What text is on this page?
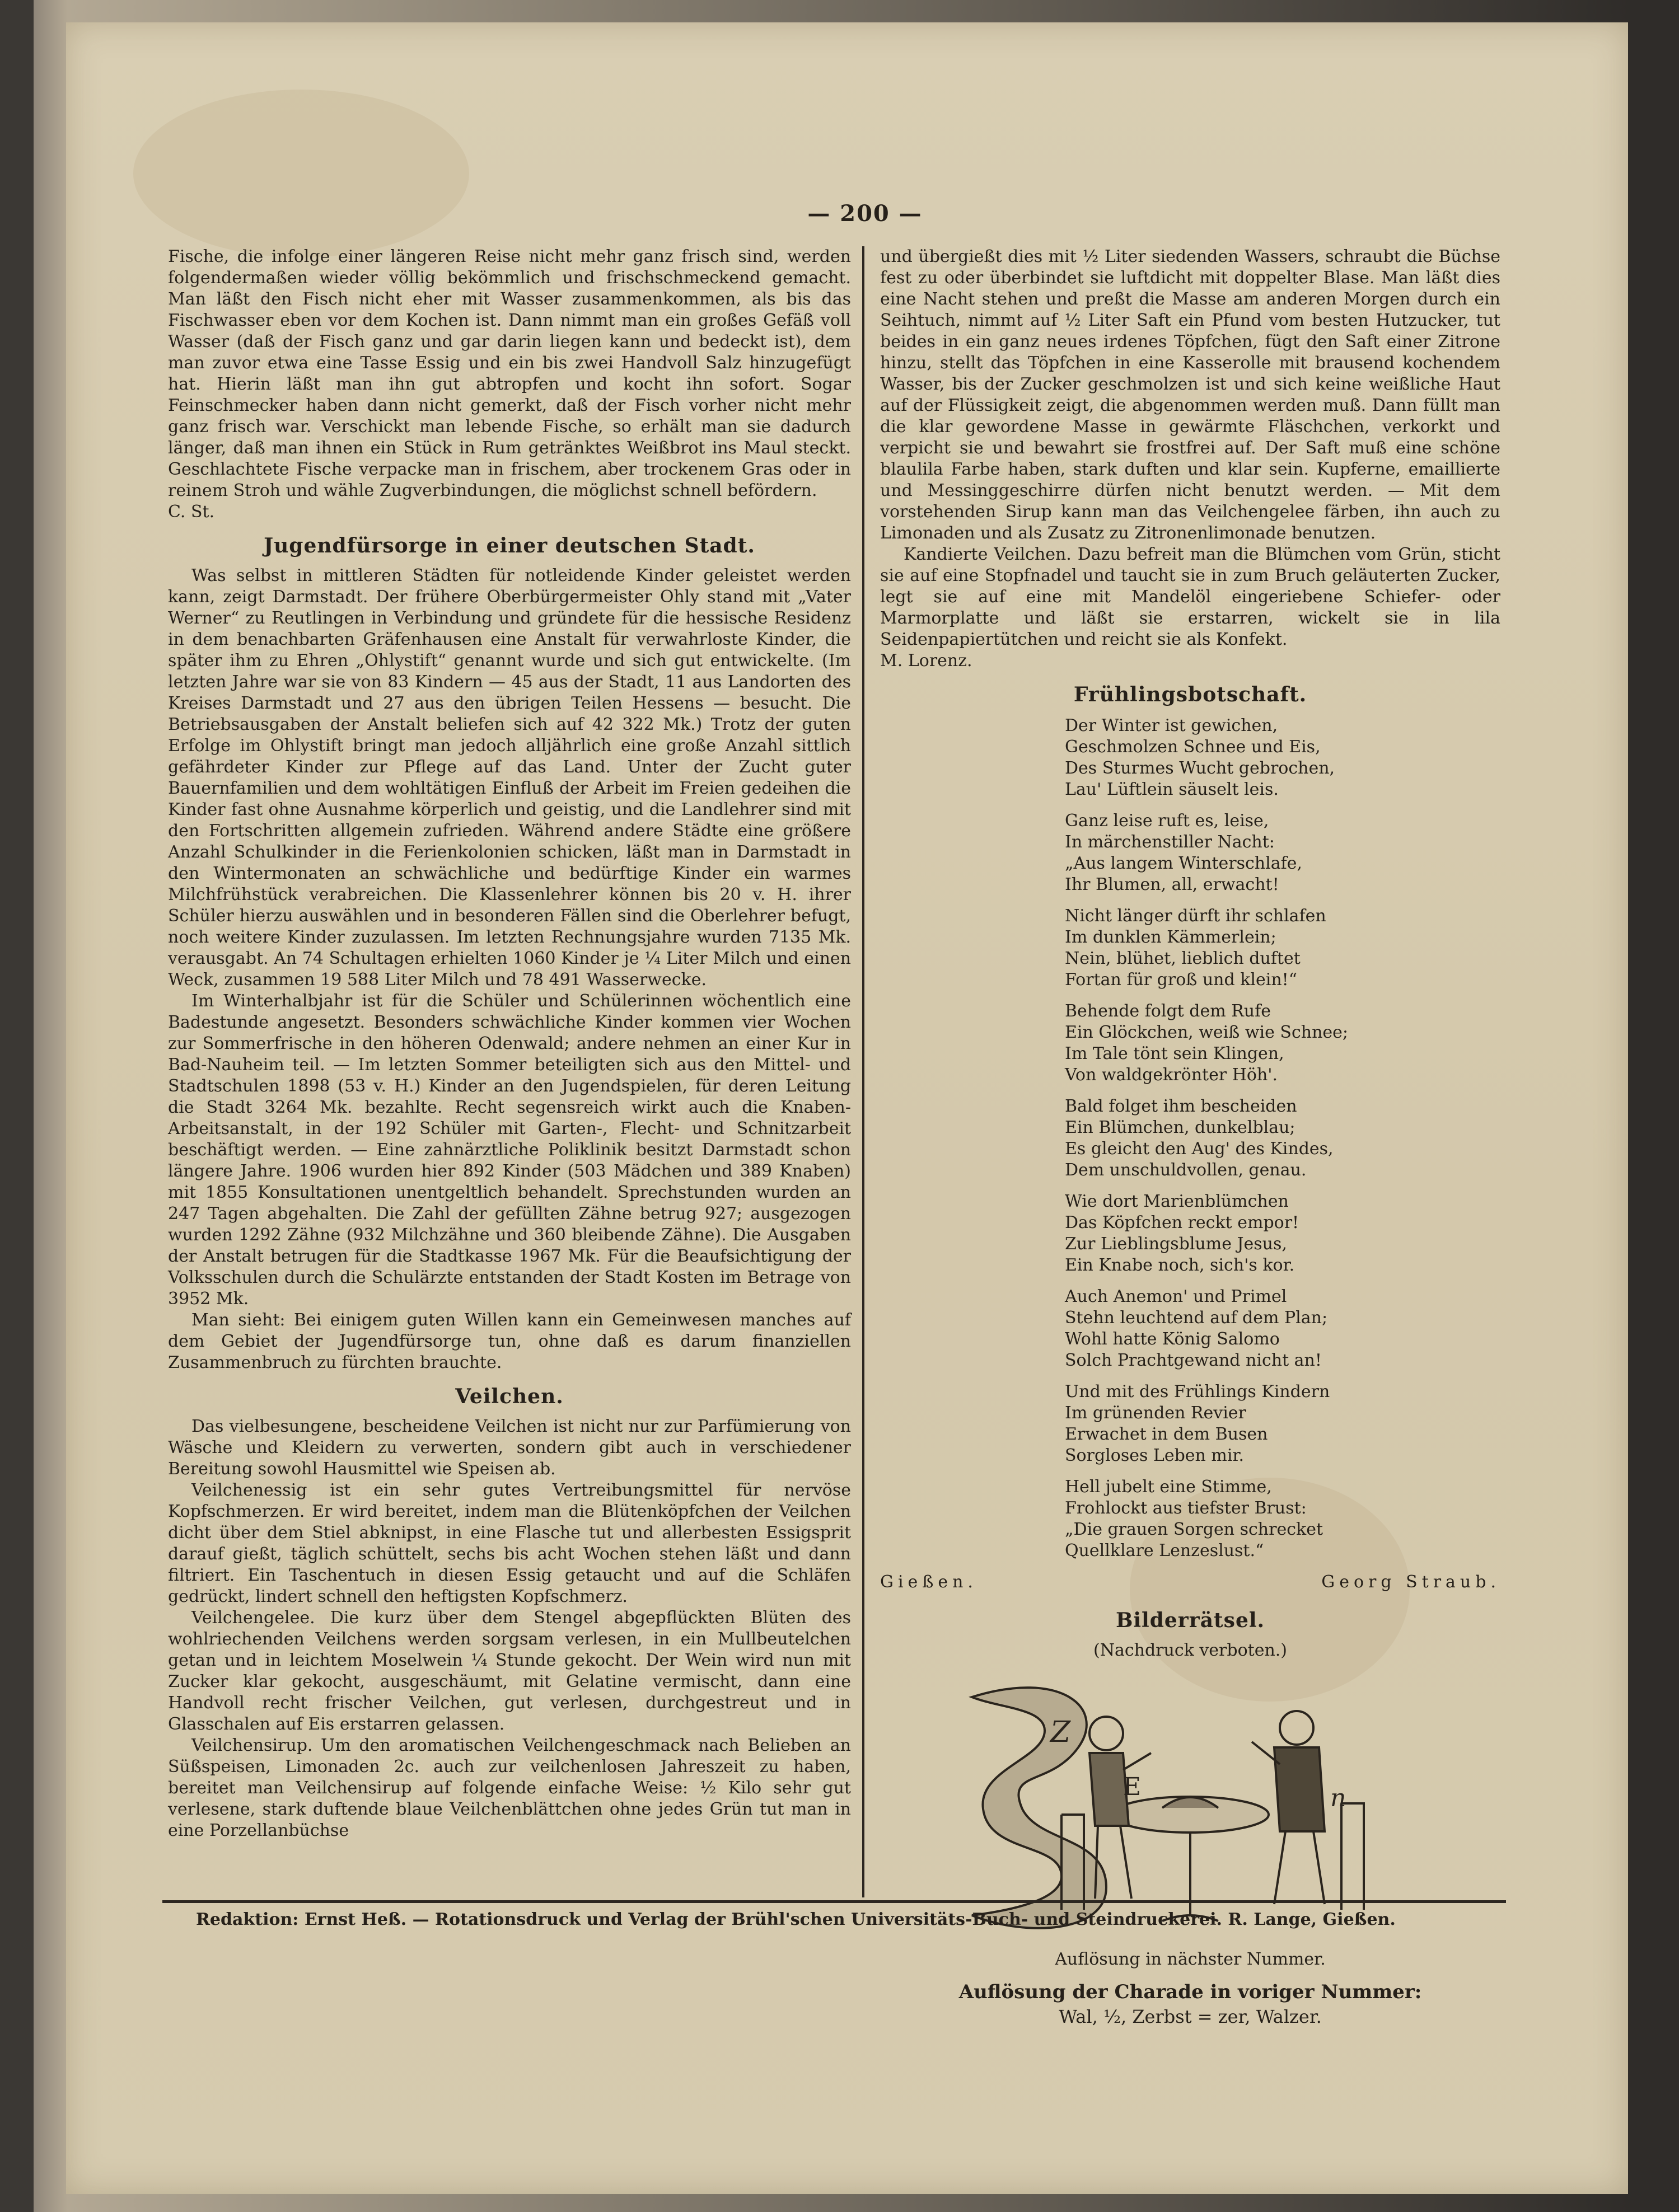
— 200 —

Fische, die infolge einer längeren Reise nicht mehr ganz frisch sind, werden folgendermaßen wieder völlig bekömmlich und frischschmeckend gemacht. Man läßt den Fisch nicht eher mit Wasser zusammenkommen, als bis das Fischwasser eben vor dem Kochen ist. Dann nimmt man ein großes Gefäß voll Wasser (daß der Fisch ganz und gar darin liegen kann und bedeckt ist), dem man zuvor etwa eine Tasse Essig und ein bis zwei Handvoll Salz hinzugefügt hat. Hierin läßt man ihn gut abtropfen und kocht ihn sofort. Sogar Feinschmecker haben dann nicht gemerkt, daß der Fisch vorher nicht mehr ganz frisch war. Verschickt man lebende Fische, so erhält man sie dadurch länger, daß man ihnen ein Stück in Rum getränktes Weißbrot ins Maul steckt. Geschlachtete Fische verpacke man in frischem, aber trockenem Gras oder in reinem Stroh und wähle Zugverbindungen, die möglichst schnell befördern.

C. St.

Jugendfürsorge in einer deutschen Stadt.

Was selbst in mittleren Städten für notleidende Kinder geleistet werden kann, zeigt Darmstadt. Der frühere Oberbürgermeister Ohly stand mit „Vater Werner“ zu Reutlingen in Verbindung und gründete für die hessische Residenz in dem benachbarten Gräfenhausen eine Anstalt für verwahrloste Kinder, die später ihm zu Ehren „Ohlystift“ genannt wurde und sich gut entwickelte. (Im letzten Jahre war sie von 83 Kindern — 45 aus der Stadt, 11 aus Landorten des Kreises Darmstadt und 27 aus den übrigen Teilen Hessens — besucht. Die Betriebsausgaben der Anstalt beliefen sich auf 42 322 Mk.) Trotz der guten Erfolge im Ohlystift bringt man jedoch alljährlich eine große Anzahl sittlich gefährdeter Kinder zur Pflege auf das Land. Unter der Zucht guter Bauernfamilien und dem wohltätigen Einfluß der Arbeit im Freien gedeihen die Kinder fast ohne Ausnahme körperlich und geistig, und die Landlehrer sind mit den Fortschritten allgemein zufrieden. Während andere Städte eine größere Anzahl Schulkinder in die Ferienkolonien schicken, läßt man in Darmstadt in den Wintermonaten an schwächliche und bedürftige Kinder ein warmes Milchfrühstück verabreichen. Die Klassenlehrer können bis 20 v. H. ihrer Schüler hierzu auswählen und in besonderen Fällen sind die Oberlehrer befugt, noch weitere Kinder zuzulassen. Im letzten Rechnungsjahre wurden 7135 Mk. verausgabt. An 74 Schultagen erhielten 1060 Kinder je ¼ Liter Milch und einen Weck, zusammen 19 588 Liter Milch und 78 491 Wasserwecke.

Im Winterhalbjahr ist für die Schüler und Schülerinnen wöchentlich eine Badestunde angesetzt. Besonders schwächliche Kinder kommen vier Wochen zur Sommerfrische in den höheren Odenwald; andere nehmen an einer Kur in Bad-Nauheim teil. — Im letzten Sommer beteiligten sich aus den Mittel- und Stadtschulen 1898 (53 v. H.) Kinder an den Jugendspielen, für deren Leitung die Stadt 3264 Mk. bezahlte. Recht segensreich wirkt auch die Knaben-Arbeitsanstalt, in der 192 Schüler mit Garten-, Flecht- und Schnitzarbeit beschäftigt werden. — Eine zahnärztliche Poliklinik besitzt Darmstadt schon längere Jahre. 1906 wurden hier 892 Kinder (503 Mädchen und 389 Knaben) mit 1855 Konsultationen unentgeltlich behandelt. Sprechstunden wurden an 247 Tagen abgehalten. Die Zahl der gefüllten Zähne betrug 927; ausgezogen wurden 1292 Zähne (932 Milchzähne und 360 bleibende Zähne). Die Ausgaben der Anstalt betrugen für die Stadtkasse 1967 Mk. Für die Beaufsichtigung der Volksschulen durch die Schulärzte entstanden der Stadt Kosten im Betrage von 3952 Mk.

Man sieht: Bei einigem guten Willen kann ein Gemeinwesen manches auf dem Gebiet der Jugendfürsorge tun, ohne daß es darum finanziellen Zusammenbruch zu fürchten brauchte.

Veilchen.

Das vielbesungene, bescheidene Veilchen ist nicht nur zur Parfümierung von Wäsche und Kleidern zu verwerten, sondern gibt auch in verschiedener Bereitung sowohl Hausmittel wie Speisen ab.

Veilchenessig ist ein sehr gutes Vertreibungsmittel für nervöse Kopfschmerzen. Er wird bereitet, indem man die Blütenköpfchen der Veilchen dicht über dem Stiel abknipst, in eine Flasche tut und allerbesten Essigsprit darauf gießt, täglich schüttelt, sechs bis acht Wochen stehen läßt und dann filtriert. Ein Taschentuch in diesen Essig getaucht und auf die Schläfen gedrückt, lindert schnell den heftigsten Kopfschmerz.

Veilchengelee. Die kurz über dem Stengel abgepflückten Blüten des wohlriechenden Veilchens werden sorgsam verlesen, in ein Mullbeutelchen getan und in leichtem Moselwein ¼ Stunde gekocht. Der Wein wird nun mit Zucker klar gekocht, ausgeschäumt, mit Gelatine vermischt, dann eine Handvoll recht frischer Veilchen, gut verlesen, durchgestreut und in Glasschalen auf Eis erstarren gelassen.

Veilchensirup. Um den aromatischen Veilchengeschmack nach Belieben an Süßspeisen, Limonaden 2c. auch zur veilchenlosen Jahreszeit zu haben, bereitet man Veilchensirup auf folgende einfache Weise: ½ Kilo sehr gut verlesene, stark duftende blaue Veilchenblättchen ohne jedes Grün tut man in eine Porzellanbüchse

und übergießt dies mit ½ Liter siedenden Wassers, schraubt die Büchse fest zu oder überbindet sie luftdicht mit doppelter Blase. Man läßt dies eine Nacht stehen und preßt die Masse am anderen Morgen durch ein Seihtuch, nimmt auf ½ Liter Saft ein Pfund vom besten Hutzucker, tut beides in ein ganz neues irdenes Töpfchen, fügt den Saft einer Zitrone hinzu, stellt das Töpfchen in eine Kasserolle mit brausend kochendem Wasser, bis der Zucker geschmolzen ist und sich keine weißliche Haut auf der Flüssigkeit zeigt, die abgenommen werden muß. Dann füllt man die klar gewordene Masse in gewärmte Fläschchen, verkorkt und verpicht sie und bewahrt sie frostfrei auf. Der Saft muß eine schöne blaulila Farbe haben, stark duften und klar sein. Kupferne, emaillierte und Messinggeschirre dürfen nicht benutzt werden. — Mit dem vorstehenden Sirup kann man das Veilchengelee färben, ihn auch zu Limonaden und als Zusatz zu Zitronenlimonade benutzen.

Kandierte Veilchen. Dazu befreit man die Blümchen vom Grün, sticht sie auf eine Stopfnadel und taucht sie in zum Bruch geläuterten Zucker, legt sie auf eine mit Mandelöl eingeriebene Schiefer- oder Marmorplatte und läßt sie erstarren, wickelt sie in lila Seidenpapiertütchen und reicht sie als Konfekt.

M. Lorenz.

Frühlingsbotschaft.
Der Winter ist gewichen,
Geschmolzen Schnee und Eis,
Des Sturmes Wucht gebrochen,
Lau' Lüftlein säuselt leis.
Ganz leise ruft es, leise,
In märchenstiller Nacht:
„Aus langem Winterschlafe,
Ihr Blumen, all, erwacht!
Nicht länger dürft ihr schlafen
Im dunklen Kämmerlein;
Nein, blühet, lieblich duftet
Fortan für groß und klein!“
Behende folgt dem Rufe
Ein Glöckchen, weiß wie Schnee;
Im Tale tönt sein Klingen,
Von waldgekrönter Höh'.
Bald folget ihm bescheiden
Ein Blümchen, dunkelblau;
Es gleicht den Aug' des Kindes,
Dem unschuldvollen, genau.
Wie dort Marienblümchen
Das Köpfchen reckt empor!
Zur Lieblingsblume Jesus,
Ein Knabe noch, sich's kor.
Auch Anemon' und Primel
Stehn leuchtend auf dem Plan;
Wohl hatte König Salomo
Solch Prachtgewand nicht an!
Und mit des Frühlings Kindern
Im grünenden Revier
Erwachet in dem Busen
Sorgloses Leben mir.
Hell jubelt eine Stimme,
Frohlockt aus tiefster Brust:
„Die grauen Sorgen schrecket
Quellklare Lenzeslust.“
Gießen.	Georg Straub.
Bilderrätsel.
(Nachdruck verboten.)
Z
E	n
Auflösung in nächster Nummer.
Auflösung der Charade in voriger Nummer:
Wal, ½, Zerbst = zer, Walzer.
Redaktion: Ernst Heß. — Rotationsdruck und Verlag der Brühl'schen Universitäts-Buch- und Steindruckerei. R. Lange, Gießen.
